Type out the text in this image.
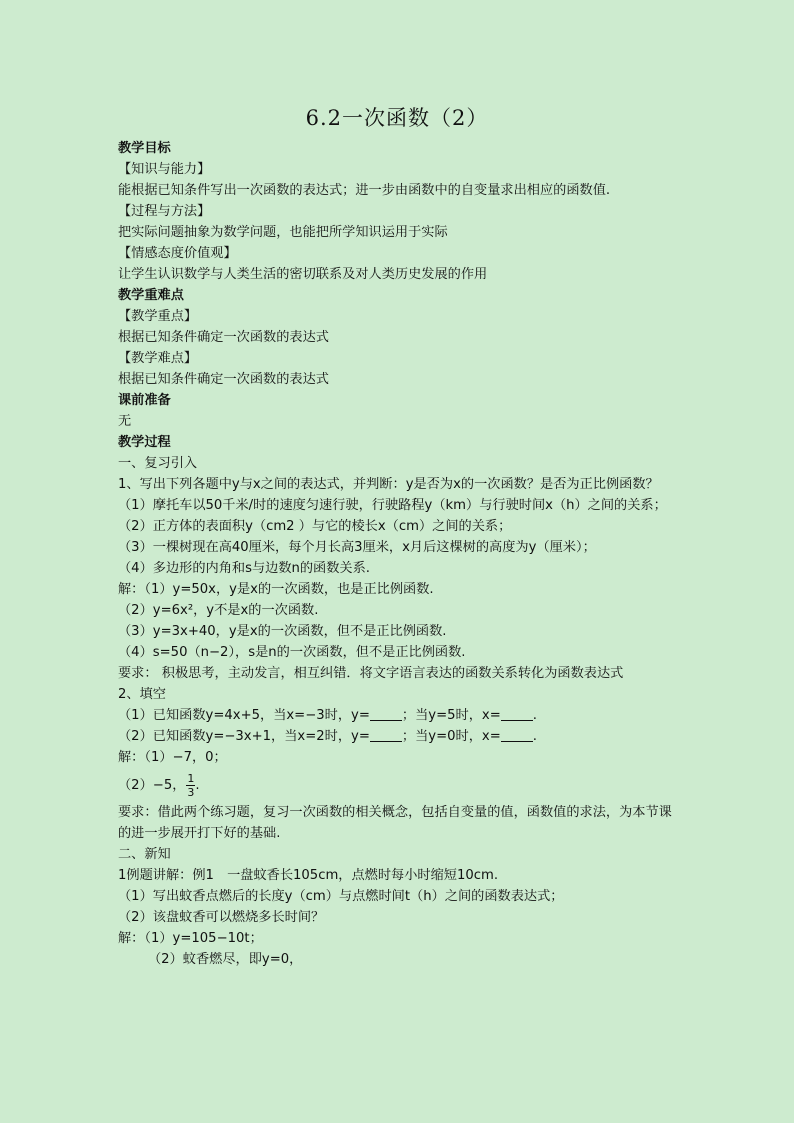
6.2一次函数（2）
教学目标
【知识与能力】
能根据已知条件写出一次函数的表达式；进一步由函数中的自变量求出相应的函数值.
【过程与方法】
把实际问题抽象为数学问题，也能把所学知识运用于实际
【情感态度价值观】
让学生认识数学与人类生活的密切联系及对人类历史发展的作用
教学重难点
【教学重点】
根据已知条件确定一次函数的表达式
【教学难点】
根据已知条件确定一次函数的表达式
课前准备
无
教学过程
一、复习引入
1、写出下列各题中y与x之间的表达式，并判断：y是否为x的一次函数？是否为正比例函数？
（1）摩托车以50千米/时的速度匀速行驶，行驶路程y（km）与行驶时间x（h）之间的关系；
（2）正方体的表面积y（cm2 ）与它的棱长x（cm）之间的关系；
（3）一棵树现在高40厘米，每个月长高3厘米，x月后这棵树的高度为y（厘米）；
（4）多边形的内角和s与边数n的函数关系.
解：（1）y=50x，y是x的一次函数，也是正比例函数.
（2）y=6x²，y不是x的一次函数.
（3）y=3x+40，y是x的一次函数，但不是正比例函数.
（4）s=50（n−2），s是n的一次函数，但不是正比例函数.
要求： 积极思考，主动发言，相互纠错．将文字语言表达的函数关系转化为函数表达式
2、填空
（1）已知函数y=4x+5，当x=−3时，y= ；当y=5时，x= .
（2）已知函数y=−3x+1，当x=2时，y= ；当y=0时，x= .
解：（1）−7，0；
（2）−5， $\frac{1}{3}$ .
要求：借此两个练习题，复习一次函数的相关概念，包括自变量的值，函数值的求法，为本节课的进一步展开打下好的基础.
二、新知
1例题讲解：例1　一盘蚊香长105cm，点燃时每小时缩短10cm.
（1）写出蚊香点燃后的长度y（cm）与点燃时间t（h）之间的函数表达式；
（2）该盘蚊香可以燃烧多长时间？
解：（1）y=105−10t；
（2）蚊香燃尽，即y=0，
